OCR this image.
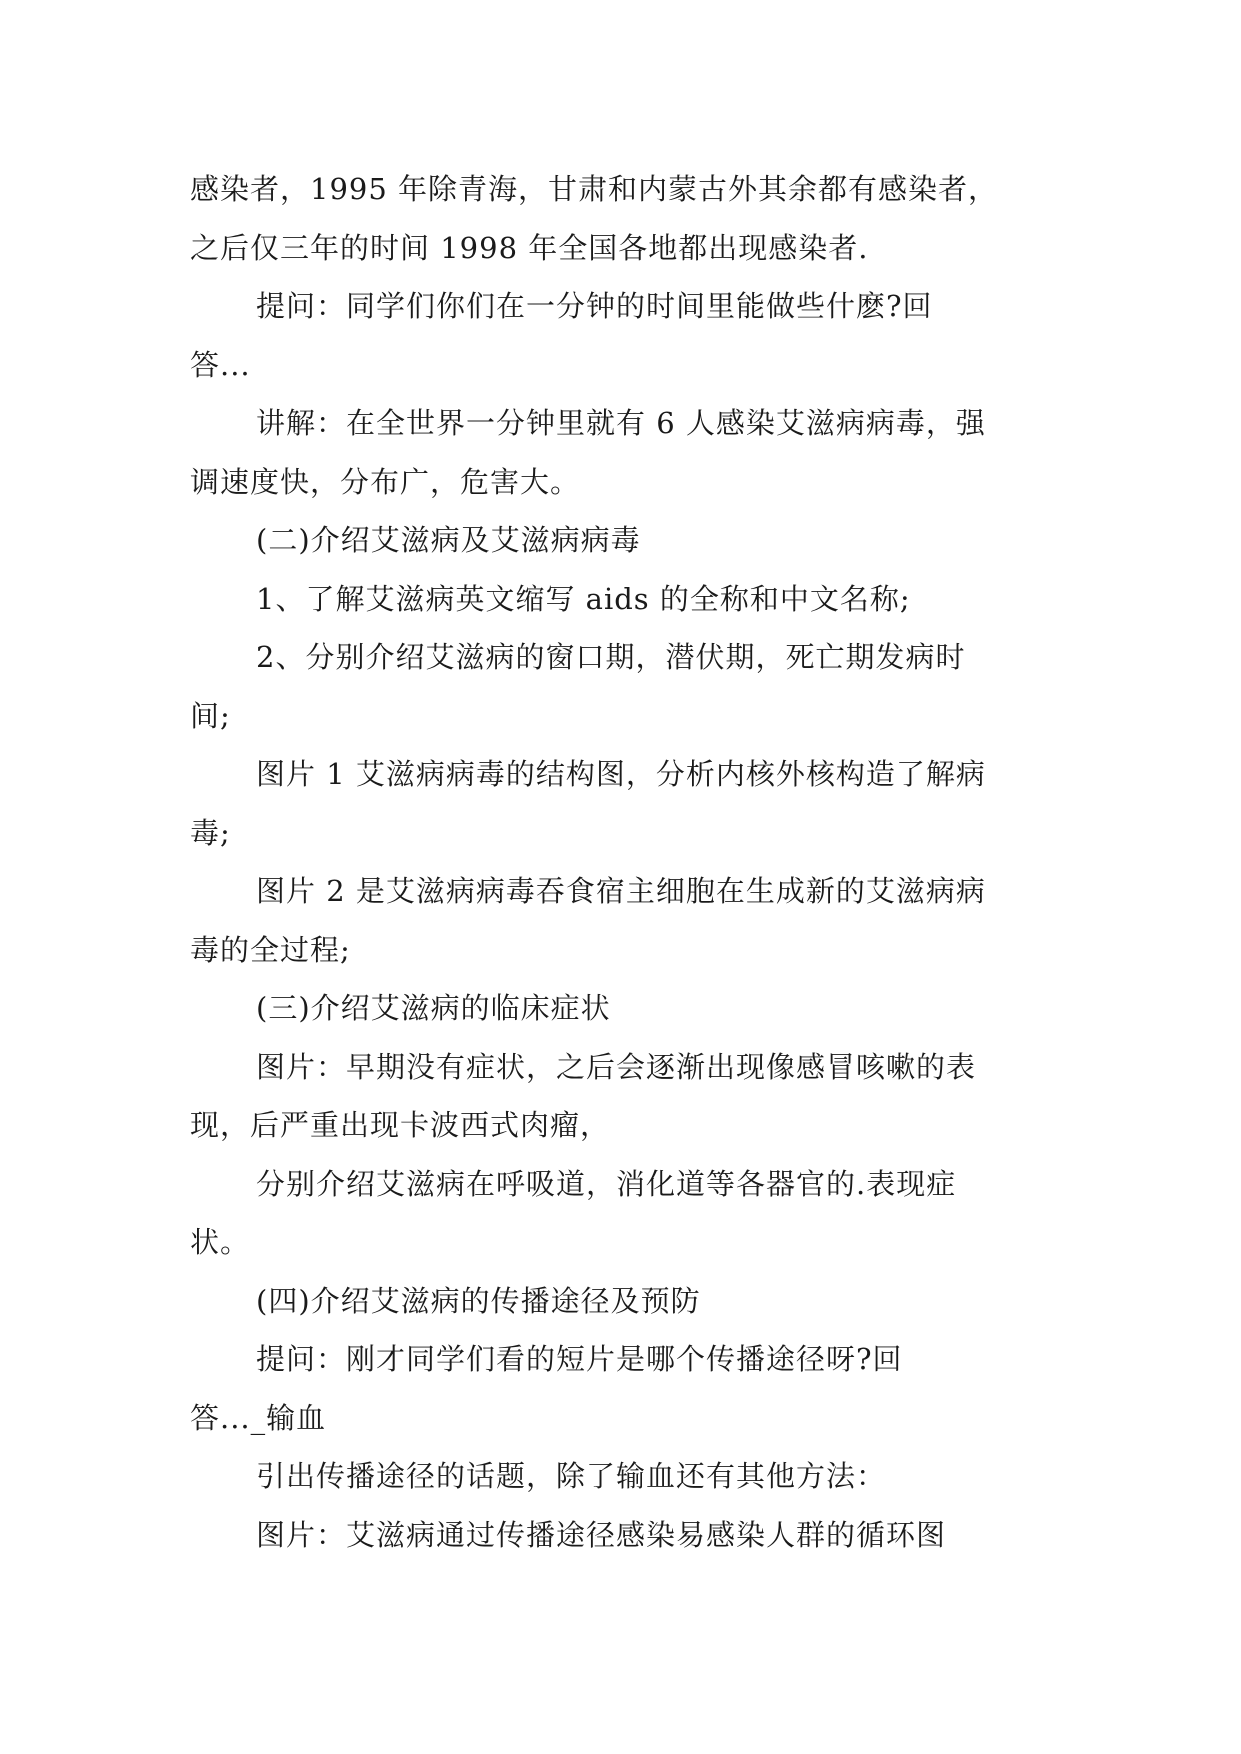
感染者，1995 年除青海，甘肃和内蒙古外其余都有感染者，
之后仅三年的时间 1998 年全国各地都出现感染者.
提问：同学们你们在一分钟的时间里能做些什麽?回
答...
讲解：在全世界一分钟里就有 6 人感染艾滋病病毒，强
调速度快，分布广，危害大。
(二)介绍艾滋病及艾滋病病毒
1、了解艾滋病英文缩写 aids 的全称和中文名称;
2、分别介绍艾滋病的窗口期，潜伏期，死亡期发病时
间;
图片 1 艾滋病病毒的结构图，分析内核外核构造了解病
毒;
图片 2 是艾滋病病毒吞食宿主细胞在生成新的艾滋病病
毒的全过程;
(三)介绍艾滋病的临床症状
图片：早期没有症状，之后会逐渐出现像感冒咳嗽的表
现，后严重出现卡波西式肉瘤，
分别介绍艾滋病在呼吸道，消化道等各器官的.表现症
状。
(四)介绍艾滋病的传播途径及预防
提问：刚才同学们看的短片是哪个传播途径呀?回
答..._输血
引出传播途径的话题，除了输血还有其他方法：
图片：艾滋病通过传播途径感染易感染人群的循环图
